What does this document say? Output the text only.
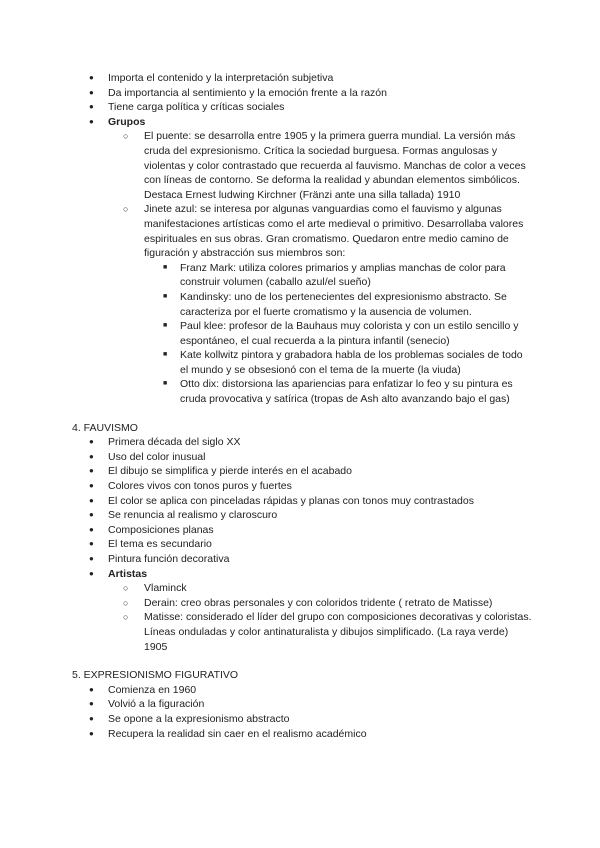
● Importa el contenido y la interpretación subjetiva
● Da importancia al sentimiento y la emoción frente a la razón
● Tiene carga política y críticas sociales
● Grupos
○ El puente: se desarrolla entre 1905 y la primera guerra mundial. La versión más cruda del expresionismo. Crítica la sociedad burguesa. Formas angulosas y violentas y color contrastado que recuerda al fauvismo. Manchas de color a veces con líneas de contorno. Se deforma la realidad y abundan elementos simbólicos. Destaca Ernest ludwing Kirchner (Fränzi ante una silla tallada) 1910
○ Jinete azul: se interesa por algunas vanguardias como el fauvismo y algunas manifestaciones artísticas como el arte medieval o primitivo. Desarrollaba valores espirituales en sus obras. Gran cromatismo. Quedaron entre medio camino de figuración y abstracción sus miembros son:
■ Franz Mark: utiliza colores primarios y amplias manchas de color para construir volumen (caballo azul/el sueño)
■ Kandinsky: uno de los pertenecientes del expresionismo abstracto. Se caracteriza por el fuerte cromatismo y la ausencia de volumen.
■ Paul klee: profesor de la Bauhaus muy colorista y con un estilo sencillo y espontáneo, el cual recuerda a la pintura infantil (senecio)
■ Kate kollwitz pintora y grabadora habla de los problemas sociales de todo el mundo y se obsesionó con el tema de la muerte (la viuda)
■ Otto dix: distorsiona las apariencias para enfatizar lo feo y su pintura es cruda provocativa y satírica (tropas de Ash alto avanzando bajo el gas)
4. FAUVISMO
● Primera década del siglo XX
● Uso del color inusual
● El dibujo se simplifica y pierde interés en el acabado
● Colores vivos con tonos puros y fuertes
● El color se aplica con pinceladas rápidas y planas con tonos muy contrastados
● Se renuncia al realismo y claroscuro
● Composiciones planas
● El tema es secundario
● Pintura función decorativa
● Artistas
○ Vlaminck
○ Derain: creo obras personales y con coloridos tridente ( retrato de Matisse)
○ Matisse: considerado el líder del grupo con composiciones decorativas y coloristas. Líneas onduladas y color antinaturalista y dibujos simplificado. (La raya verde) 1905
5. EXPRESIONISMO FIGURATIVO
● Comienza en 1960
● Volvió a la figuración
● Se opone a la expresionismo abstracto
● Recupera la realidad sin caer en el realismo académico
